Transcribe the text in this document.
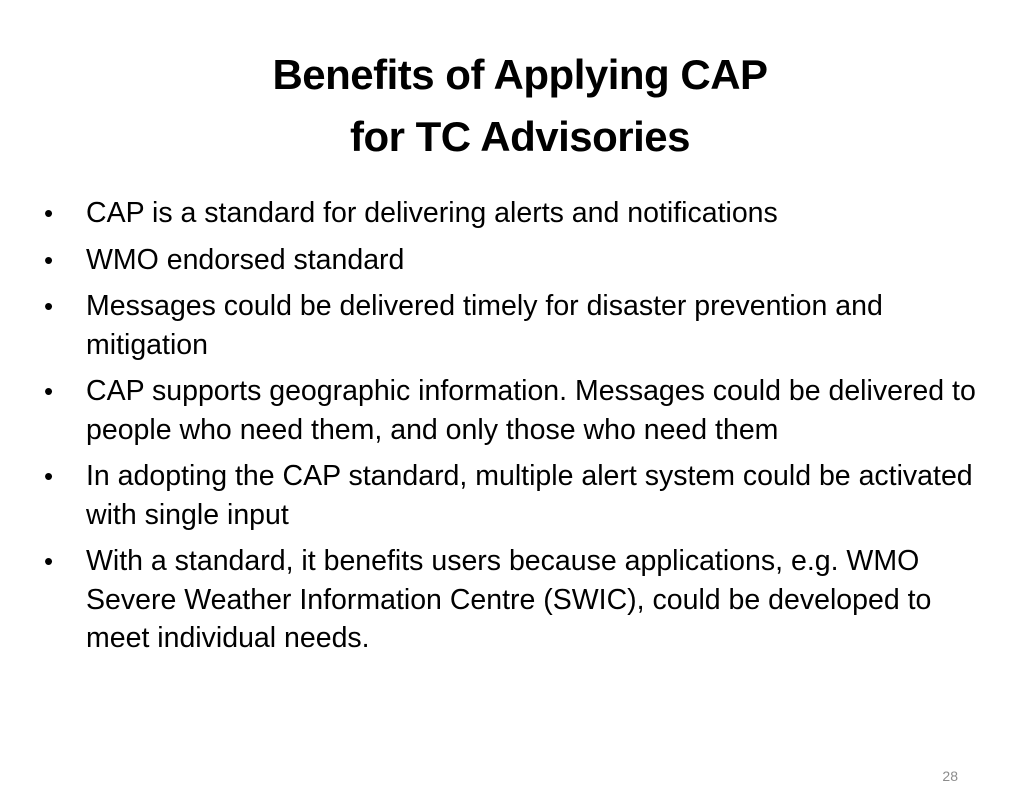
Benefits of Applying CAP
for TC Advisories
•	CAP is a standard for delivering alerts and notifications
•	WMO endorsed standard
•	Messages could be delivered timely for disaster prevention and mitigation
•	CAP supports geographic information. Messages could be delivered to people who need them, and only those who need them
•	In adopting the CAP standard, multiple alert system could be activated with single input
•	With a standard, it benefits users because applications, e.g. WMO Severe Weather Information Centre (SWIC), could be developed to meet individual needs.
28
